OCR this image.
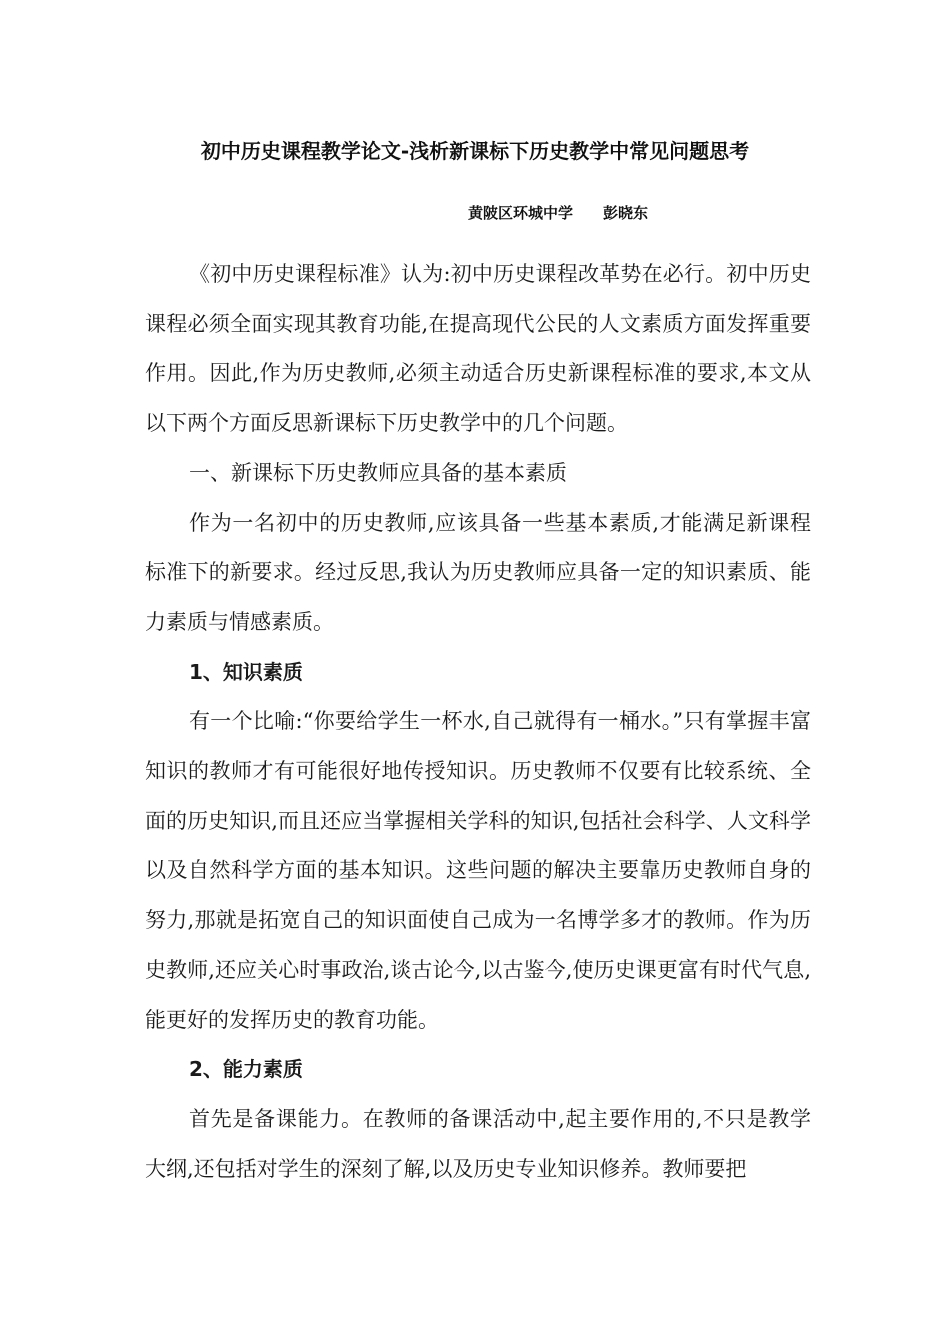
初中历史课程教学论文-浅析新课标下历史教学中常见问题思考
黄陂区环城中学 彭晓东

《初中历史课程标准》认为:初中历史课程改革势在必行。初中历史课程必须全面实现其教育功能,在提高现代公民的人文素质方面发挥重要作用。因此,作为历史教师,必须主动适合历史新课程标准的要求,本文从以下两个方面反思新课标下历史教学中的几个问题。

一、新课标下历史教师应具备的基本素质

作为一名初中的历史教师,应该具备一些基本素质,才能满足新课程标准下的新要求。经过反思,我认为历史教师应具备一定的知识素质、能力素质与情感素质。

1、知识素质

有一个比喻:“你要给学生一杯水,自己就得有一桶水。”只有掌握丰富知识的教师才有可能很好地传授知识。历史教师不仅要有比较系统、全面的历史知识,而且还应当掌握相关学科的知识,包括社会科学、人文科学以及自然科学方面的基本知识。这些问题的解决主要靠历史教师自身的努力,那就是拓宽自己的知识面使自己成为一名博学多才的教师。作为历史教师,还应关心时事政治,谈古论今,以古鉴今,使历史课更富有时代气息,能更好的发挥历史的教育功能。

2、能力素质

首先是备课能力。在教师的备课活动中,起主要作用的,不只是教学大纲,还包括对学生的深刻了解,以及历史专业知识修养。教师要把
